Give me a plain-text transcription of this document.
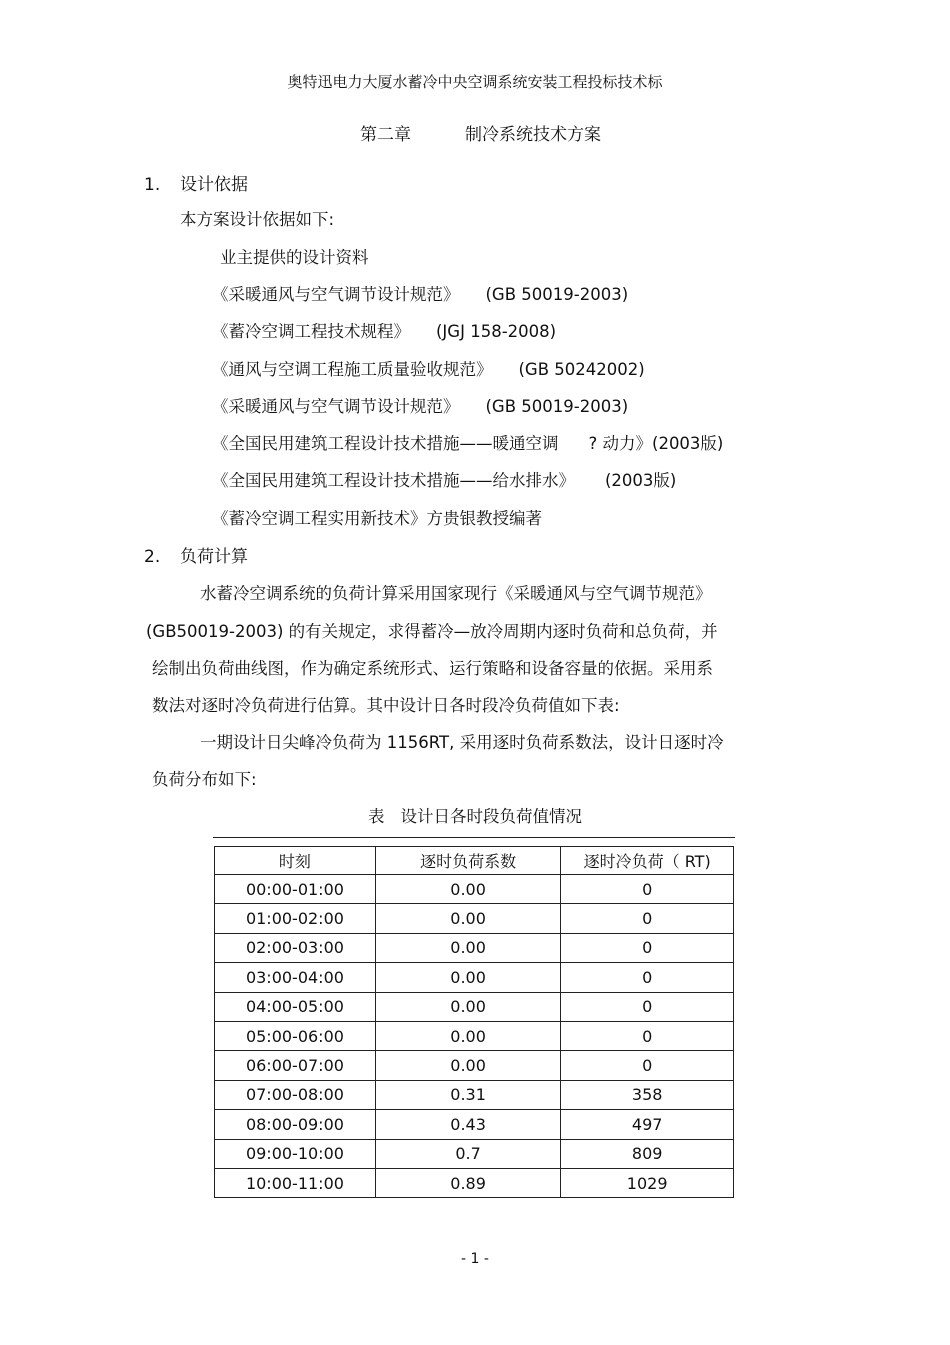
奥特迅电力大厦水蓄冷中央空调系统安装工程投标技术标
第二章	制冷系统技术方案
1. 设计依据
本方案设计依据如下:
业主提供的设计资料
《采暖通风与空气调节设计规范》 (GB 50019-2003)
《蓄冷空调工程技术规程》 (JGJ 158-2008)
《通风与空调工程施工质量验收规范》 (GB 50242002)
《采暖通风与空气调节设计规范》 (GB 50019-2003)
《全国民用建筑工程设计技术措施——暖通空调 ? 动力》(2003版)
《全国民用建筑工程设计技术措施——给水排水》 (2003版)
《蓄冷空调工程实用新技术》方贵银教授编著
2. 负荷计算
水蓄冷空调系统的负荷计算采用国家现行《采暖通风与空气调节规范》
(GB50019-2003) 的有关规定，求得蓄冷—放冷周期内逐时负荷和总负荷，并
绘制出负荷曲线图，作为确定系统形式、运行策略和设备容量的依据。采用系
数法对逐时冷负荷进行估算。其中设计日各时段冷负荷值如下表:
一期设计日尖峰冷负荷为 1156RT, 采用逐时负荷系数法，设计日逐时冷
负荷分布如下:
表 设计日各时段负荷值情况
时刻	逐时负荷系数	逐时冷负荷（ RT)
00:00-01:00	0.00	0
01:00-02:00	0.00	0
02:00-03:00	0.00	0
03:00-04:00	0.00	0
04:00-05:00	0.00	0
05:00-06:00	0.00	0
06:00-07:00	0.00	0
07:00-08:00	0.31	358
08:00-09:00	0.43	497
09:00-10:00	0.7	809
10:00-11:00	0.89	1029
- 1 -
